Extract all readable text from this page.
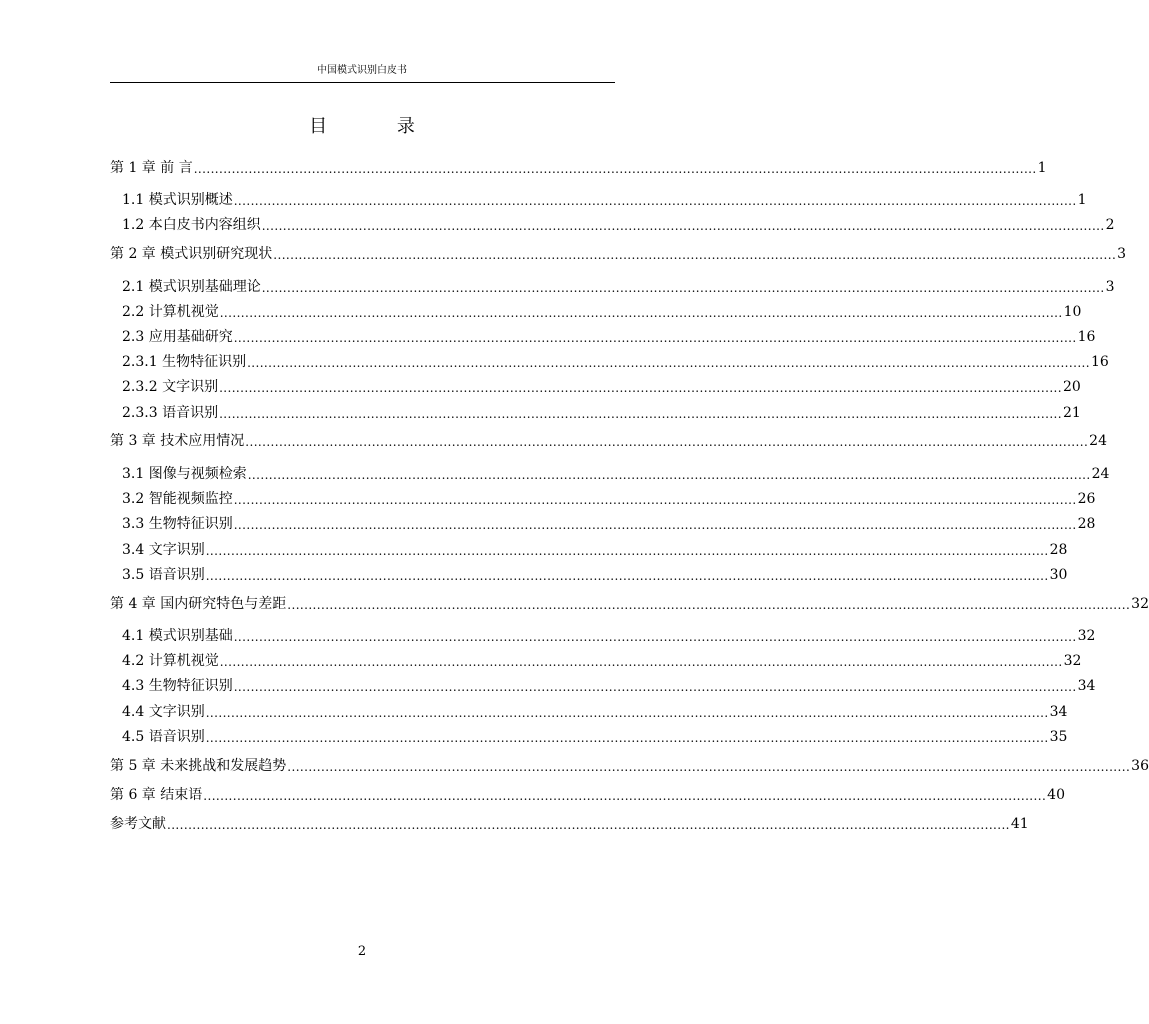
中国模式识别白皮书
目 录
第 1 章 前 言 ........................................................................................................................................................................................................ 1
1.1 模式识别概述 ........................................................................................................................................................................................................ 1
1.2 本白皮书内容组织 ........................................................................................................................................................................................................ 2
第 2 章 模式识别研究现状 ........................................................................................................................................................................................................ 3
2.1 模式识别基础理论 ........................................................................................................................................................................................................ 3
2.2 计算机视觉 ........................................................................................................................................................................................................ 10
2.3 应用基础研究 ........................................................................................................................................................................................................ 16
2.3.1 生物特征识别 ........................................................................................................................................................................................................ 16
2.3.2 文字识别 ........................................................................................................................................................................................................ 20
2.3.3 语音识别 ........................................................................................................................................................................................................ 21
第 3 章 技术应用情况 ........................................................................................................................................................................................................ 24
3.1 图像与视频检索 ........................................................................................................................................................................................................ 24
3.2 智能视频监控 ........................................................................................................................................................................................................ 26
3.3 生物特征识别 ........................................................................................................................................................................................................ 28
3.4 文字识别 ........................................................................................................................................................................................................ 28
3.5 语音识别 ........................................................................................................................................................................................................ 30
第 4 章 国内研究特色与差距 ........................................................................................................................................................................................................ 32
4.1 模式识别基础 ........................................................................................................................................................................................................ 32
4.2 计算机视觉 ........................................................................................................................................................................................................ 32
4.3 生物特征识别 ........................................................................................................................................................................................................ 34
4.4 文字识别 ........................................................................................................................................................................................................ 34
4.5 语音识别 ........................................................................................................................................................................................................ 35
第 5 章 未来挑战和发展趋势 ........................................................................................................................................................................................................ 36
第 6 章 结束语 ........................................................................................................................................................................................................ 40
参考文献 ........................................................................................................................................................................................................ 41
2
